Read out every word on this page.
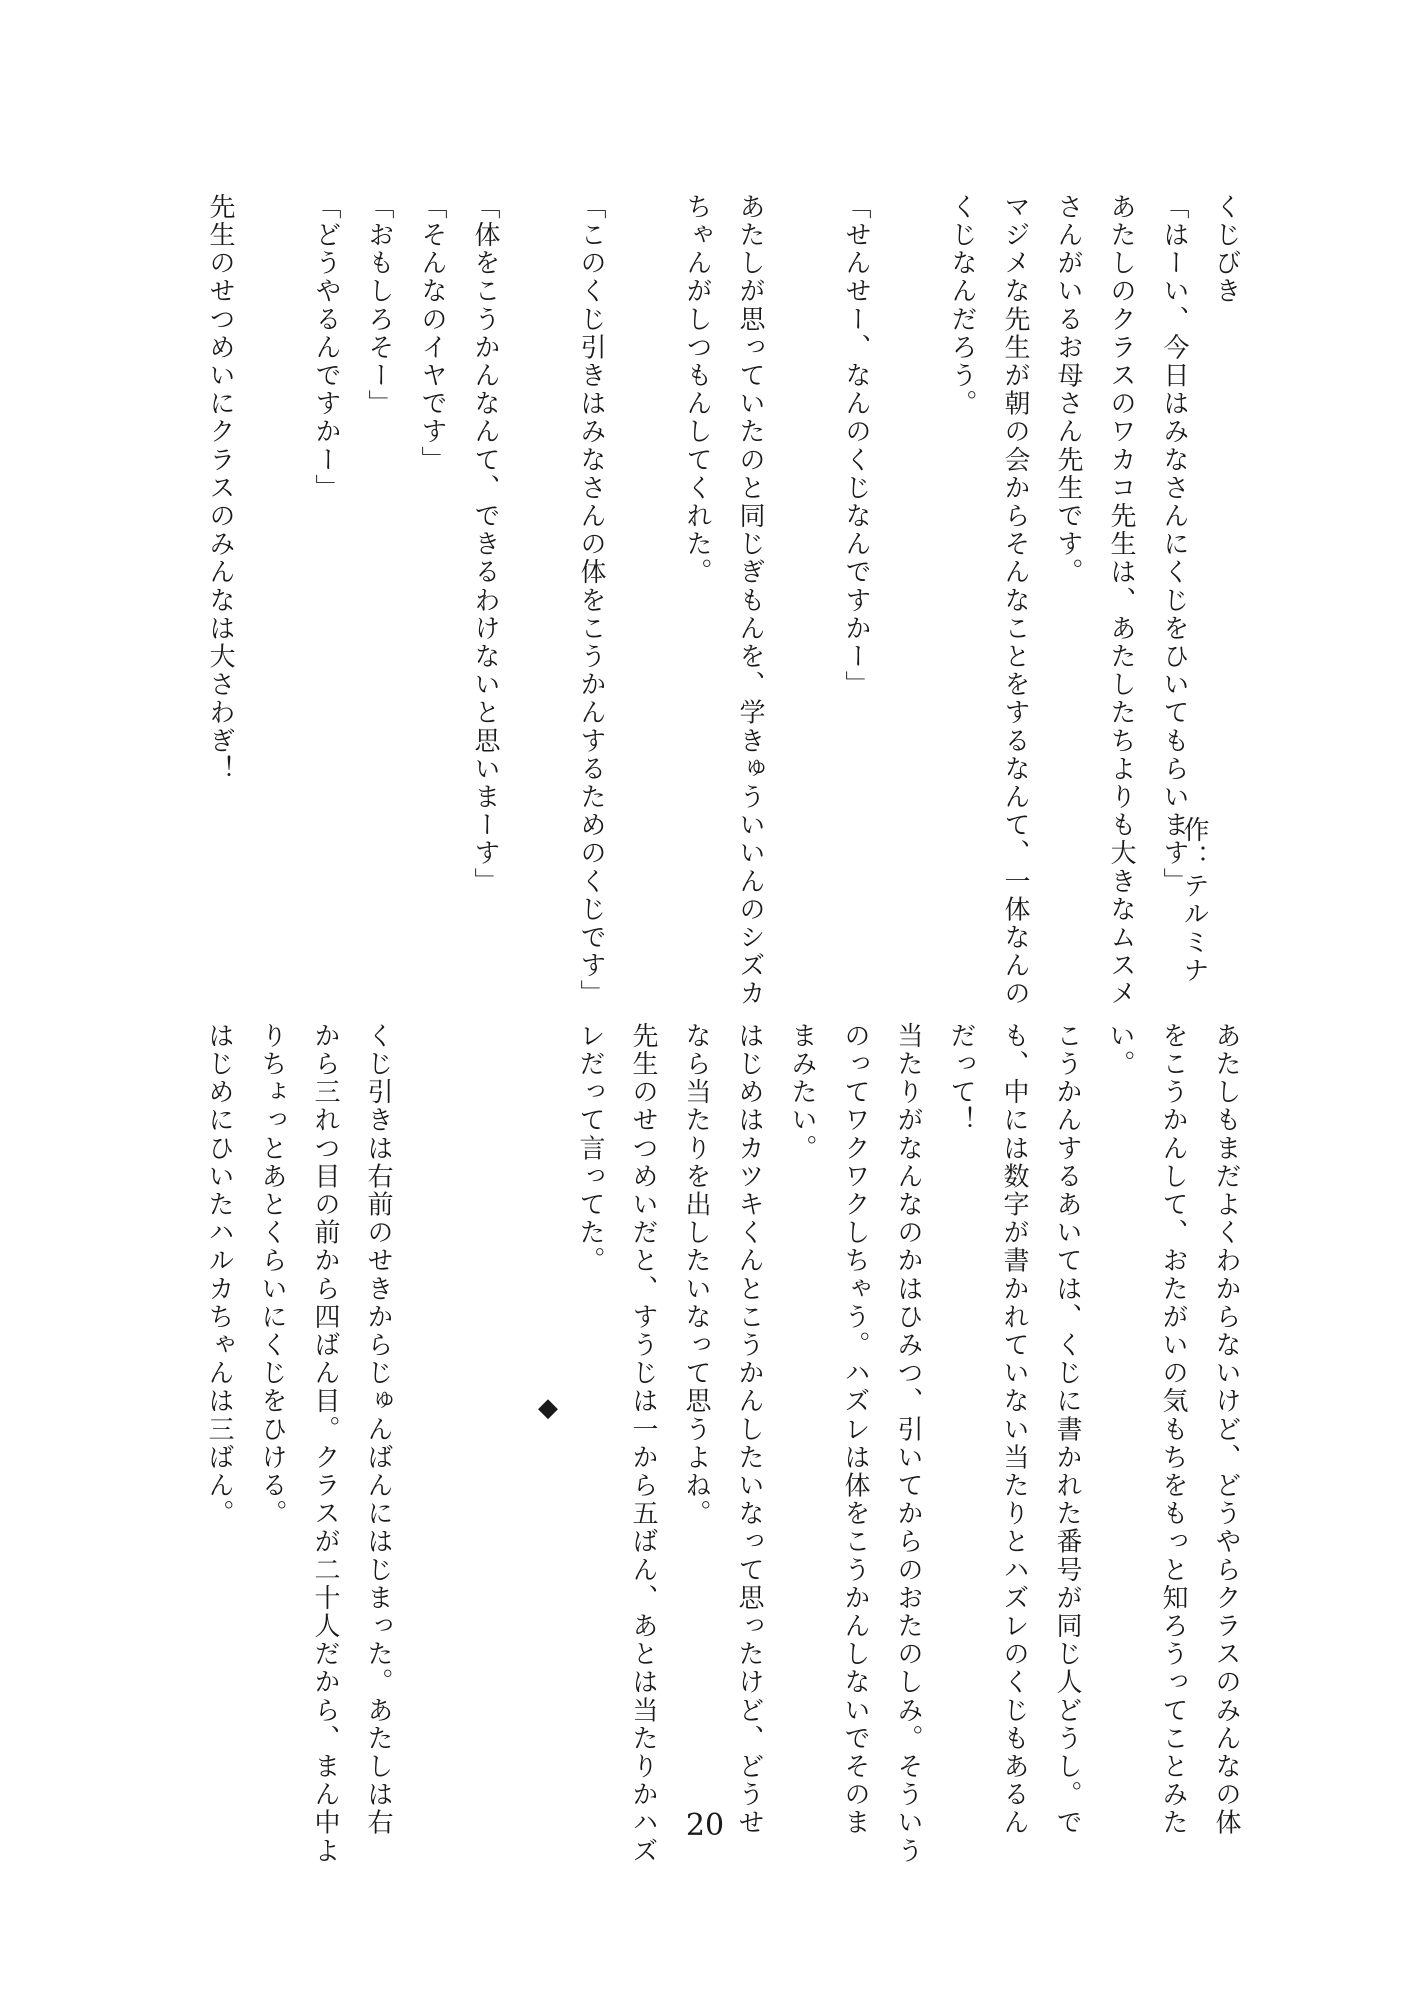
くじびき
作：テルミナ
「はーい、今日はみなさんにくじをひいてもらいます」
あたしのクラスのワカコ先生は、あたしたちよりも大きなムスメ
さんがいるお母さん先生です。
マジメな先生が朝の会からそんなことをするなんて、一体なんの
くじなんだろう。

「せんせー、なんのくじなんですかー」

あたしが思っていたのと同じぎもんを、学きゅういいんのシズカ
ちゃんがしつもんしてくれた。

「このくじ引きはみなさんの体をこうかんするためのくじです」

「体をこうかんなんて、できるわけないと思いまーす」
「そんなのイヤです」
「おもしろそー」
「どうやるんですかー」

先生のせつめいにクラスのみんなは大さわぎ！
あたしもまだよくわからないけど、どうやらクラスのみんなの体
をこうかんして、おたがいの気もちをもっと知ろうってことみた
い。
こうかんするあいては、くじに書かれた番号が同じ人どうし。で
も、中には数字が書かれていない当たりとハズレのくじもあるん
だって！
当たりがなんなのかはひみつ、引いてからのおたのしみ。そういう
のってワクワクしちゃう。ハズレは体をこうかんしないでそのま
まみたい。
はじめはカツキくんとこうかんしたいなって思ったけど、どうせ
なら当たりを出したいなって思うよね。
先生のせつめいだと、すうじは一から五ばん、あとは当たりかハズ
レだって言ってた。

くじ引きは右前のせきからじゅんばんにはじまった。あたしは右
から三れつ目の前から四ばん目。クラスが二十人だから、まん中よ
りちょっとあとくらいにくじをひける。
はじめにひいたハルカちゃんは三ばん。	◆
20
